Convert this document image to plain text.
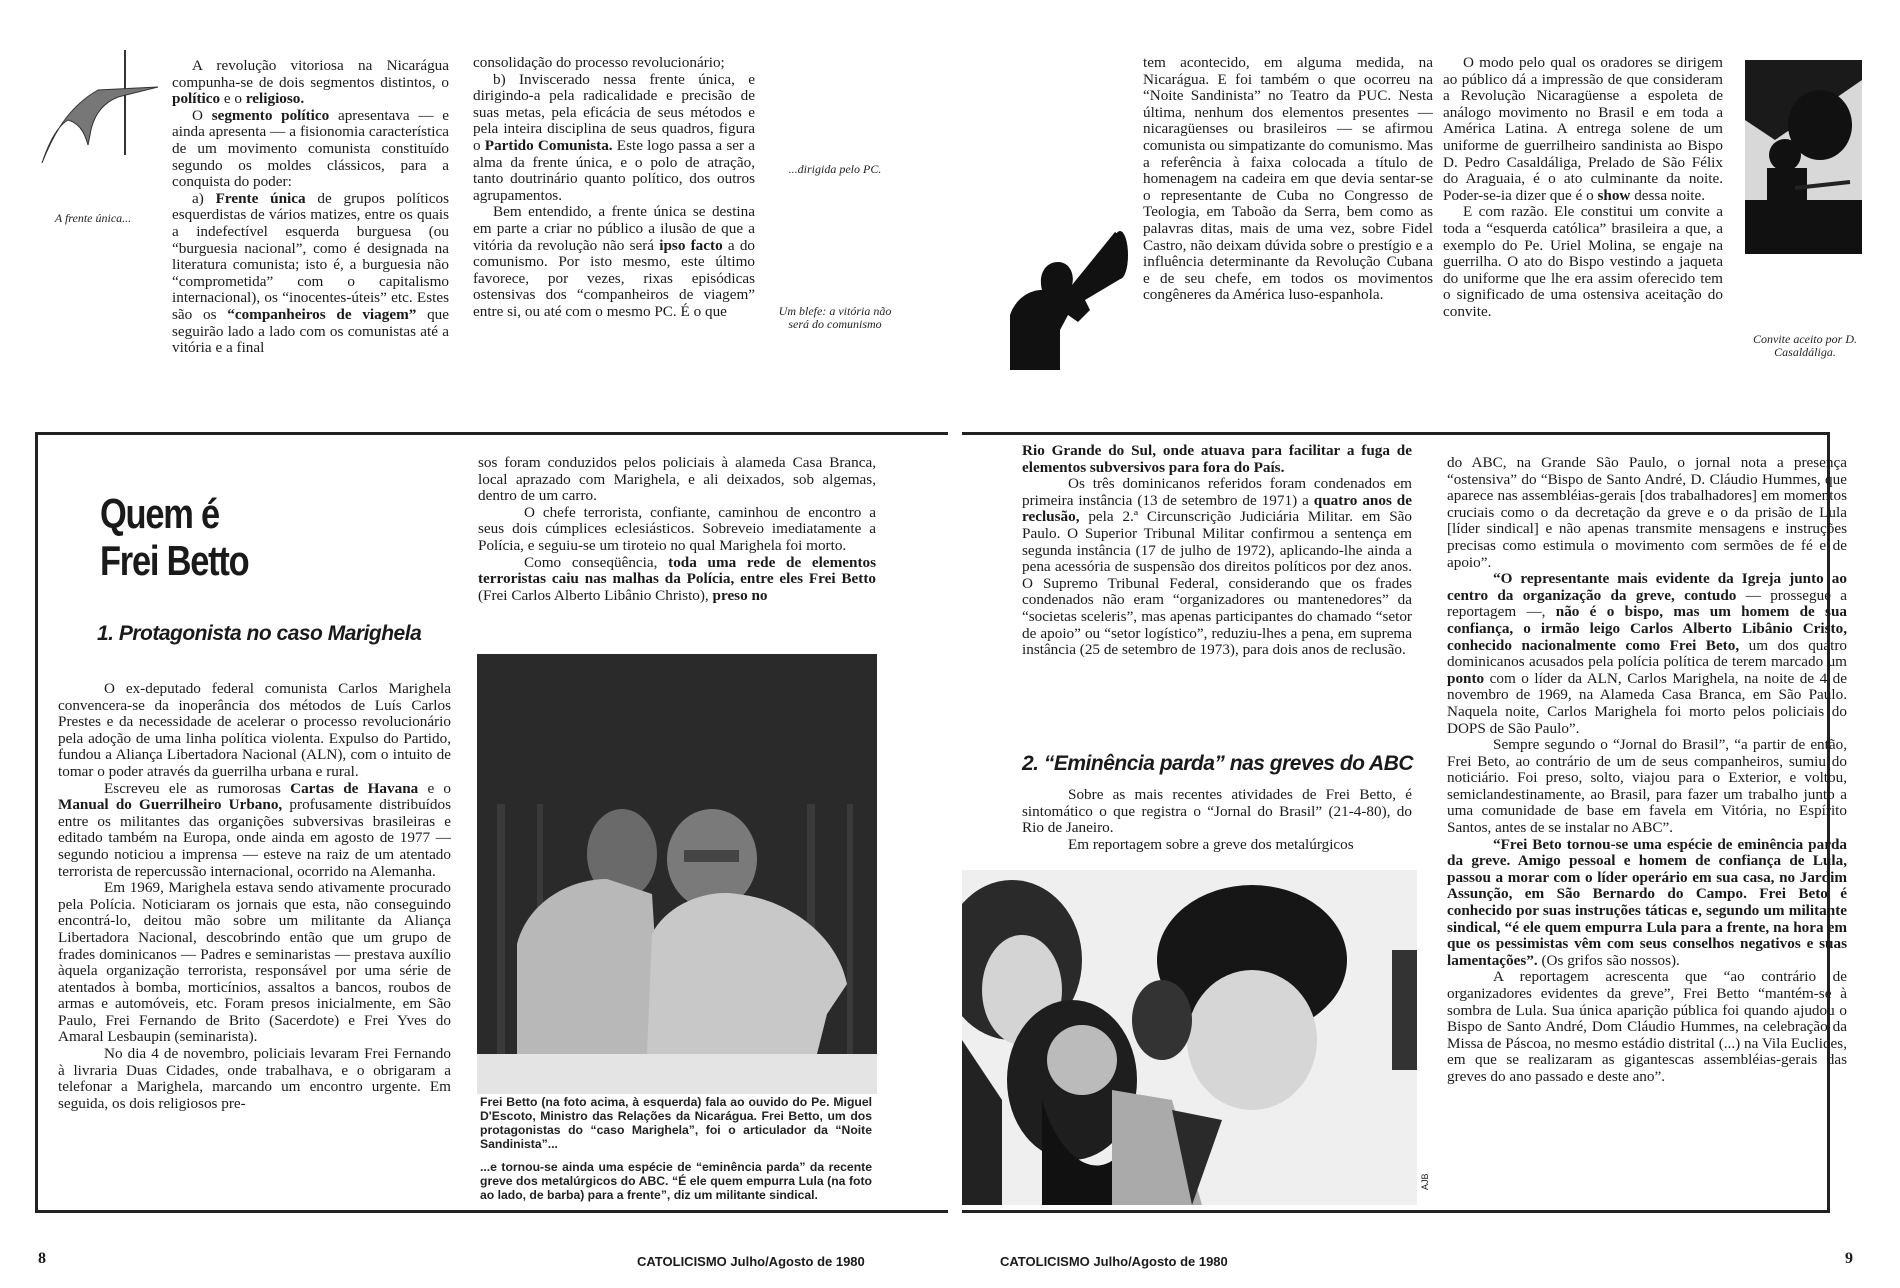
A frente única...

A revolução vitoriosa na Nicarágua compunha-se de dois segmentos distintos, o político e o religioso.

O segmento político apresentava — e ainda apresenta — a fisionomia característica de um movimento comunista constituído segundo os moldes clássicos, para a conquista do poder:

a) Frente única de grupos políticos esquerdistas de vários matizes, entre os quais a indefectível esquerda burguesa (ou “burguesia nacional”, como é designada na literatura comunista; isto é, a burguesia não “comprometida” com o capitalismo internacional), os “inocentes-úteis” etc. Estes são os “companheiros de viagem” que seguirão lado a lado com os comunistas até a vitória e a final

consolidação do processo revolucionário;

b) Inviscerado nessa frente única, e dirigindo-a pela radicalidade e precisão de suas metas, pela eficácia de seus métodos e pela inteira disciplina de seus quadros, figura o Partido Comunista. Este logo passa a ser a alma da frente única, e o polo de atração, tanto doutrinário quanto político, dos outros agrupamentos.

Bem entendido, a frente única se destina em parte a criar no público a ilusão de que a vitória da revolução não será ipso facto a do comunismo. Por isto mesmo, este último favorece, por vezes, rixas episódicas ostensivas dos “companheiros de viagem” entre si, ou até com o mesmo PC. É o que

...dirigida pelo PC.
Um blefe: a vitória não será do comunismo

tem acontecido, em alguma medida, na Nicarágua. E foi também o que ocorreu na “Noite Sandinista” no Teatro da PUC. Nesta última, nenhum dos elementos presentes — nicaragüenses ou brasileiros — se afirmou comunista ou simpatizante do comunismo. Mas a referência à faixa colocada a título de homenagem na cadeira em que devia sentar-se o representante de Cuba no Congresso de Teologia, em Taboão da Serra, bem como as palavras ditas, mais de uma vez, sobre Fidel Castro, não deixam dúvida sobre o prestígio e a influência determinante da Revolução Cubana e de seu chefe, em todos os movimentos congêneres da América luso-espanhola.

O modo pelo qual os oradores se dirigem ao público dá a impressão de que consideram a Revolução Nicaragüense a espoleta de análogo movimento no Brasil e em toda a América Latina. A entrega solene de um uniforme de guerrilheiro sandinista ao Bispo D. Pedro Casaldáliga, Prelado de São Félix do Araguaia, é o ato culminante da noite. Poder-se-ia dizer que é o show dessa noite.

E com razão. Ele constitui um convite a toda a “esquerda católica” brasileira a que, a exemplo do Pe. Uriel Molina, se engaje na guerrilha. O ato do Bispo vestindo a jaqueta do uniforme que lhe era assim oferecido tem o significado de uma ostensiva aceitação do convite.

Convite aceito por D. Casaldáliga.
Quem é
Frei Betto
1. Protagonista no caso Marighela

O ex-deputado federal comunista Carlos Marighela convencera-se da inoperância dos métodos de Luís Carlos Prestes e da necessidade de acelerar o processo revolucionário pela adoção de uma linha política violenta. Expulso do Partido, fundou a Aliança Libertadora Nacional (ALN), com o intuito de tomar o poder através da guerrilha urbana e rural.

Escreveu ele as rumorosas Cartas de Havana e o Manual do Guerrilheiro Urbano, profusamente distribuídos entre os militantes das organições subversivas brasileiras e editado também na Europa, onde ainda em agosto de 1977 — segundo noticiou a imprensa — esteve na raiz de um atentado terrorista de repercussão internacional, ocorrido na Alemanha.

Em 1969, Marighela estava sendo ativamente procurado pela Polícia. Noticiaram os jornais que esta, não conseguindo encontrá-lo, deitou mão sobre um militante da Aliança Libertadora Nacional, descobrindo então que um grupo de frades dominicanos — Padres e seminaristas — prestava auxílio àquela organização terrorista, responsável por uma série de atentados à bomba, morticínios, assaltos a bancos, roubos de armas e automóveis, etc. Foram presos inicialmente, em São Paulo, Frei Fernando de Brito (Sacerdote) e Frei Yves do Amaral Lesbaupin (seminarista).

No dia 4 de novembro, policiais levaram Frei Fernando à livraria Duas Cidades, onde trabalhava, e o obrigaram a telefonar a Marighela, marcando um encontro urgente. Em seguida, os dois religiosos pre-

sos foram conduzidos pelos policiais à alameda Casa Branca, local aprazado com Marighela, e ali deixados, sob algemas, dentro de um carro.

O chefe terrorista, confiante, caminhou de encontro a seus dois cúmplices eclesiásticos. Sobreveio imediatamente a Polícia, e seguiu-se um tiroteio no qual Marighela foi morto.

Como conseqüência, toda uma rede de elementos terroristas caiu nas malhas da Polícia, entre eles Frei Betto (Frei Carlos Alberto Libânio Christo), preso no

Frei Betto (na foto acima, à esquerda) fala ao ouvido do Pe. Miguel D'Escoto, Ministro das Relações da Nicarágua. Frei Betto, um dos protagonistas do “caso Marighela”, foi o articulador da “Noite Sandinista”...
...e tornou-se ainda uma espécie de “eminência parda” da recente greve dos metalúrgicos do ABC. “É ele quem empurra Lula (na foto ao lado, de barba) para a frente”, diz um militante sindical.

Rio Grande do Sul, onde atuava para facilitar a fuga de elementos subversivos para fora do País.

Os três dominicanos referidos foram condenados em primeira instância (13 de setembro de 1971) a quatro anos de reclusão, pela 2.ª Circunscrição Judiciária Militar. em São Paulo. O Superior Tribunal Militar confirmou a sentença em segunda instância (17 de julho de 1972), aplicando-lhe ainda a pena acessória de suspensão dos direitos políticos por dez anos. O Supremo Tribunal Federal, considerando que os frades condenados não eram “organizadores ou mantenedores” da “societas sceleris”, mas apenas participantes do chamado “setor de apoio” ou “setor logístico”, reduziu-lhes a pena, em suprema instância (25 de setembro de 1973), para dois anos de reclusão.

2. “Eminência parda” nas greves do ABC

Sobre as mais recentes atividades de Frei Betto, é sintomático o que registra o “Jornal do Brasil” (21-4-80), do Rio de Janeiro.

Em reportagem sobre a greve dos metalúrgicos

AJB

do ABC, na Grande São Paulo, o jornal nota a presença “ostensiva” do “Bispo de Santo André, D. Cláudio Hummes, que aparece nas assembléias-gerais [dos trabalhadores] em momentos cruciais como o da decretação da greve e o da prisão de Lula [líder sindical] e não apenas transmite mensagens e instruções precisas como estimula o movimento com sermões de fé e de apoio”.

“O representante mais evidente da Igreja junto ao centro da organização da greve, contudo — prossegue a reportagem —, não é o bispo, mas um homem de sua confiança, o irmão leigo Carlos Alberto Libânio Cristo, conhecido nacionalmente como Frei Beto, um dos quatro dominicanos acusados pela polícia política de terem marcado um ponto com o líder da ALN, Carlos Marighela, na noite de 4 de novembro de 1969, na Alameda Casa Branca, em São Paulo. Naquela noite, Carlos Marighela foi morto pelos policiais do DOPS de São Paulo”.

Sempre segundo o “Jornal do Brasil”, “a partir de então, Frei Beto, ao contrário de um de seus companheiros, sumiu do noticiário. Foi preso, solto, viajou para o Exterior, e voltou, semiclandestinamente, ao Brasil, para fazer um trabalho junto a uma comunidade de base em favela em Vitória, no Espírito Santos, antes de se instalar no ABC”.

“Frei Beto tornou-se uma espécie de eminência parda da greve. Amigo pessoal e homem de confiança de Lula, passou a morar com o líder operário em sua casa, no Jardim Assunção, em São Bernardo do Campo. Frei Beto é conhecido por suas instruções táticas e, segundo um militante sindical, “é ele quem empurra Lula para a frente, na hora em que os pessimistas vêm com seus conselhos negativos e suas lamentações”. (Os grifos são nossos).

A reportagem acrescenta que “ao contrário de organizadores evidentes da greve”, Frei Betto “mantém-se à sombra de Lula. Sua única aparição pública foi quando ajudou o Bispo de Santo André, Dom Cláudio Hummes, na celebração da Missa de Páscoa, no mesmo estádio distrital (...) na Vila Euclides, em que se realizaram as gigantescas assembléias-gerais das greves do ano passado e deste ano”.

8	CATOLICISMO Julho/Agosto de 1980	CATOLICISMO Julho/Agosto de 1980	9
